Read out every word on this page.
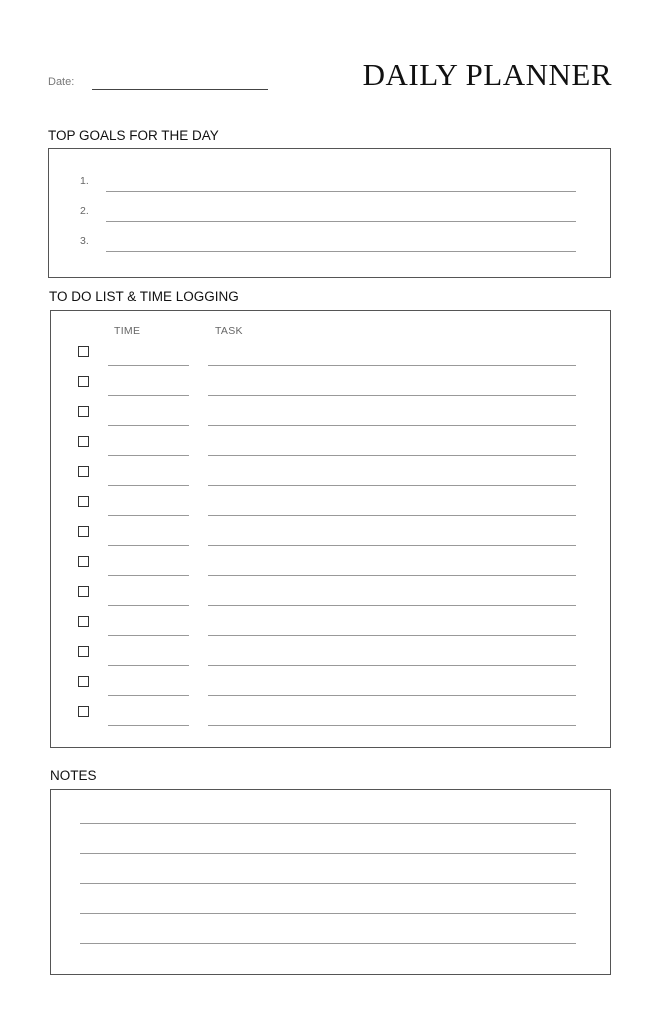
Date:	DAILY PLANNER
TOP GOALS FOR THE DAY
1.
2.
3.
TO DO LIST & TIME LOGGING
TIME	TASK
NOTES
